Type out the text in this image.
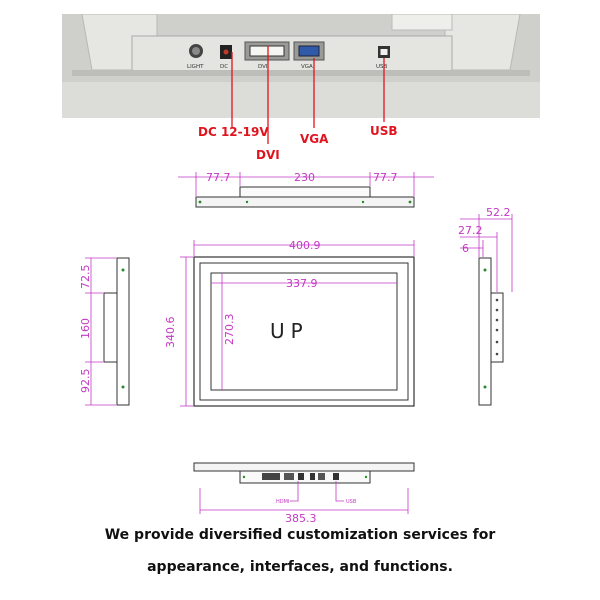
LIGHT	DC	DVI	VGA	USB
DC 12-19V
DVI
VGA
USB
77.7	230	77.7
UP
400.9
337.9
340.6	270.3
72.5
160
92.5
52.2
27.2
6
HDMI	USB
385.3
We provide diversified customization services for
appearance, interfaces, and functions.
